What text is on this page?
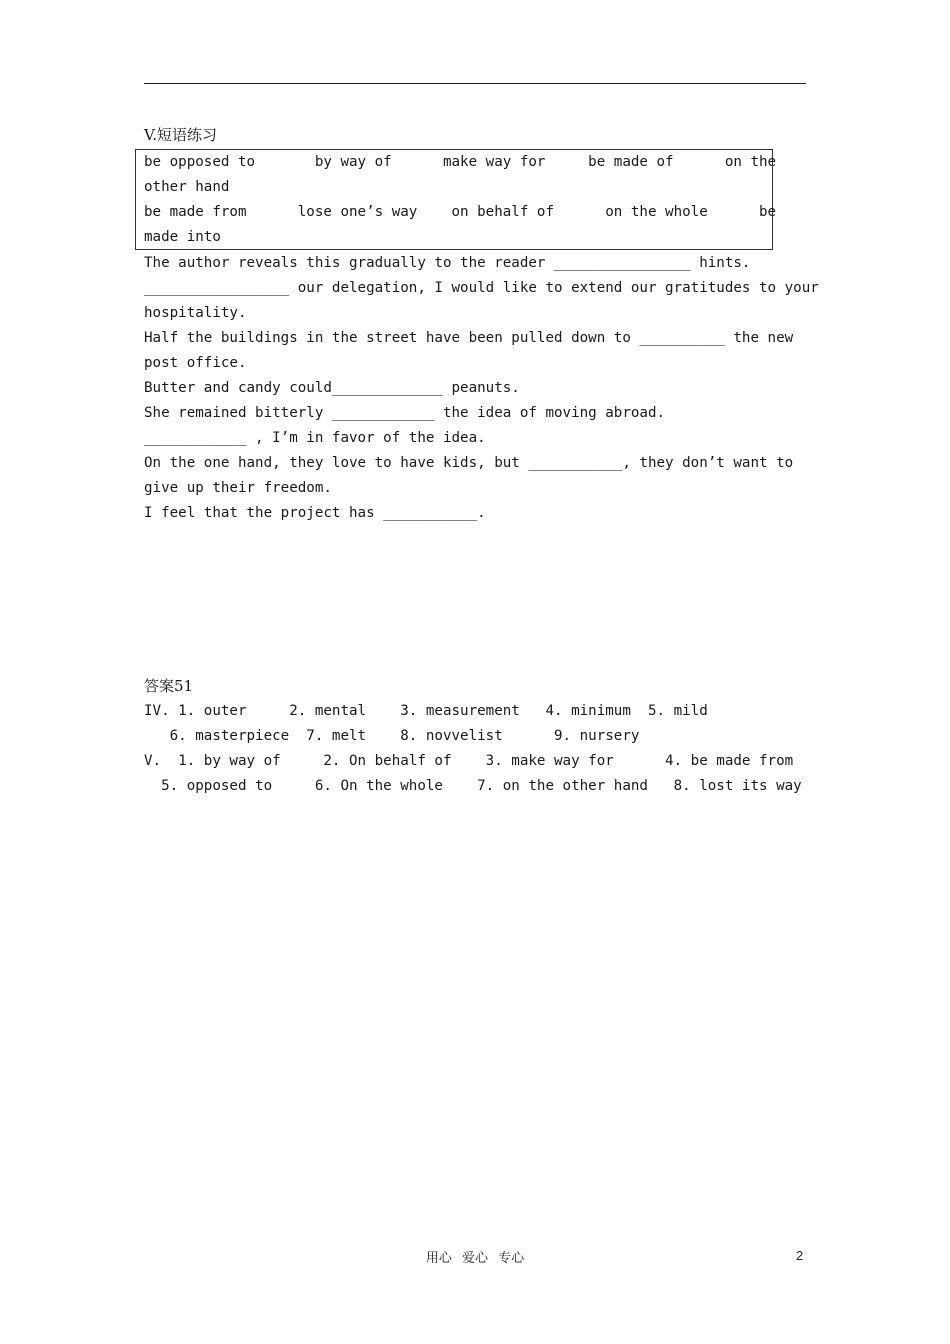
V.短语练习
be opposed to       by way of      make way for     be made of      on the
other hand
be made from      lose one’s way    on behalf of      on the whole      be
made into
The author reveals this gradually to the reader ________________ hints.
_________________ our delegation, I would like to extend our gratitudes to your
hospitality.
Half the buildings in the street have been pulled down to __________ the new
post office.
Butter and candy could_____________ peanuts.
She remained bitterly ____________ the idea of moving abroad.
____________ , I’m in favor of the idea.
On the one hand, they love to have kids, but ___________, they don’t want to
give up their freedom.
I feel that the project has ___________.
答案51
IV. 1. outer     2. mental    3. measurement   4. minimum  5. mild
6. masterpiece  7. melt    8. novvelist      9. nursery
V.  1. by way of     2. On behalf of    3. make way for      4. be made from
5. opposed to     6. On the whole    7. on the other hand   8. lost its way
用心 爱心 专心	2
